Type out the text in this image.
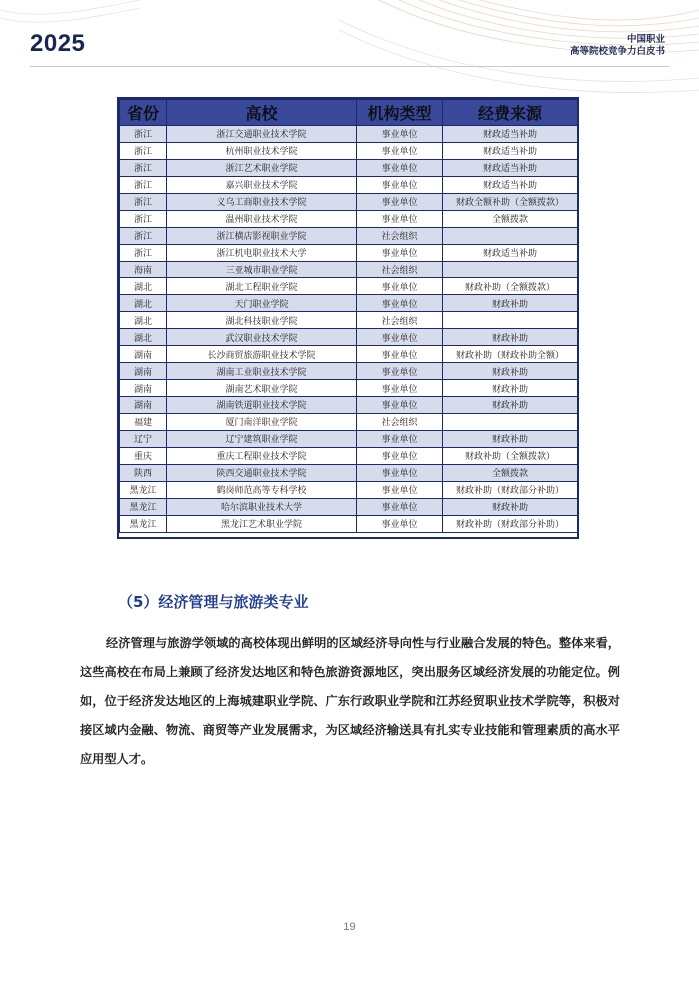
2025	中国职业
高等院校竞争力白皮书
省份	高校	机构类型	经费来源
浙江	浙江交通职业技术学院	事业单位	财政适当补助
浙江	杭州职业技术学院	事业单位	财政适当补助
浙江	浙江艺术职业学院	事业单位	财政适当补助
浙江	嘉兴职业技术学院	事业单位	财政适当补助
浙江	义乌工商职业技术学院	事业单位	财政全额补助（全额拨款）
浙江	温州职业技术学院	事业单位	全额拨款
浙江	浙江横店影视职业学院	社会组织	
浙江	浙江机电职业技术大学	事业单位	财政适当补助
海南	三亚城市职业学院	社会组织	
湖北	湖北工程职业学院	事业单位	财政补助（全额拨款）
湖北	天门职业学院	事业单位	财政补助
湖北	湖北科技职业学院	社会组织	
湖北	武汉职业技术学院	事业单位	财政补助
湖南	长沙商贸旅游职业技术学院	事业单位	财政补助（财政补助全额）
湖南	湖南工业职业技术学院	事业单位	财政补助
湖南	湖南艺术职业学院	事业单位	财政补助
湖南	湖南铁道职业技术学院	事业单位	财政补助
福建	厦门南洋职业学院	社会组织	
辽宁	辽宁建筑职业学院	事业单位	财政补助
重庆	重庆工程职业技术学院	事业单位	财政补助（全额拨款）
陕西	陕西交通职业技术学院	事业单位	全额拨款
黑龙江	鹤岗师范高等专科学校	事业单位	财政补助（财政部分补助）
黑龙江	哈尔滨职业技术大学	事业单位	财政补助
黑龙江	黑龙江艺术职业学院	事业单位	财政补助（财政部分补助）
（5）经济管理与旅游类专业
经济管理与旅游学领域的高校体现出鲜明的区域经济导向性与行业融合发展的特色。整体来看，这些高校在布局上兼顾了经济发达地区和特色旅游资源地区，突出服务区域经济发展的功能定位。例如，位于经济发达地区的上海城建职业学院、广东行政职业学院和江苏经贸职业技术学院等，积极对接区域内金融、物流、商贸等产业发展需求，为区域经济输送具有扎实专业技能和管理素质的高水平应用型人才。
19
